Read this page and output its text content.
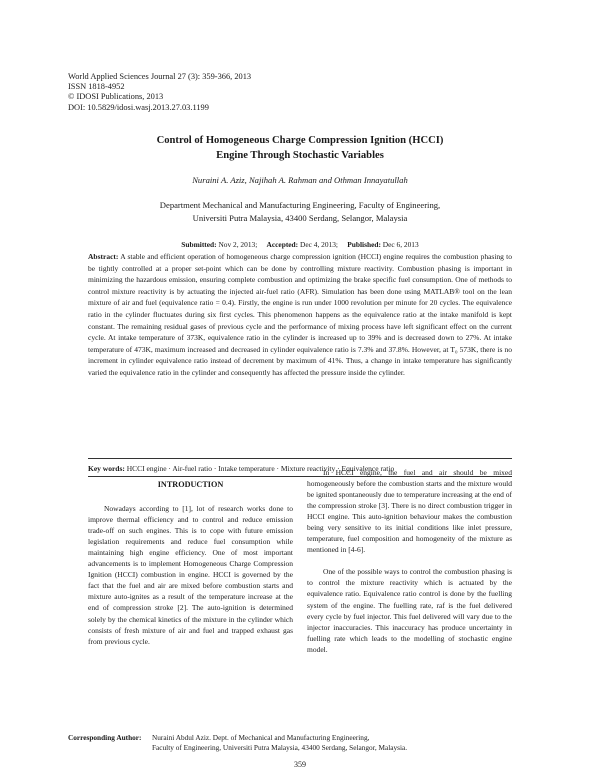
World Applied Sciences Journal 27 (3): 359-366, 2013
ISSN 1818-4952
© IDOSI Publications, 2013
DOI: 10.5829/idosi.wasj.2013.27.03.1199
Control of Homogeneous Charge Compression Ignition (HCCI)
Engine Through Stochastic Variables
Nuraini A. Aziz, Najihah A. Rahman and Othman Innayatullah
Department Mechanical and Manufacturing Engineering, Faculty of Engineering,
Universiti Putra Malaysia, 43400 Serdang, Selangor, Malaysia
Submitted: Nov 2, 2013; Accepted: Dec 4, 2013; Published: Dec 6, 2013

Abstract: A stable and efficient operation of homogeneous charge compression ignition (HCCI) engine requires the combustion phasing to be tightly controlled at a proper set-point which can be done by controlling mixture reactivity. Combustion phasing is important in minimizing the hazardous emission, ensuring complete combustion and optimizing the brake specific fuel consumption. One of methods to control mixture reactivity is by actuating the injected air-fuel ratio (AFR). Simulation has been done using MATLAB® tool on the lean mixture of air and fuel (equivalence ratio = 0.4). Firstly, the engine is run under 1000 revolution per minute for 20 cycles. The equivalence ratio in the cylinder fluctuates during six first cycles. This phenomenon happens as the equivalence ratio at the intake manifold is kept constant. The remaining residual gases of previous cycle and the performance of mixing process have left significant effect on the current cycle. At intake temperature of 373K, equivalence ratio in the cylinder is increased up to 39% and is decreased down to 27%. At intake temperature of 473K, maximum increased and decreased in cylinder equivalence ratio is 7.3% and 37.8%. However, at T₀ 573K, there is no increment in cylinder equivalence ratio instead of decrement by maximum of 41%. Thus, a change in intake temperature has significantly varied the equivalence ratio in the cylinder and consequently has affected the pressure inside the cylinder.

Key words: HCCI engine · Air-fuel ratio · Intake temperature · Mixture reactivity · Equivalence ratio
INTRODUCTION

Nowadays according to [1], lot of research works done to improve thermal efficiency and to control and reduce emission trade-off on such engines. This is to cope with future emission legislation requirements and reduce fuel consumption while maintaining high engine efficiency. One of most important advancements is to implement Homogeneous Charge Compression Ignition (HCCI) combustion in engine. HCCI is governed by the fact that the fuel and air are mixed before combustion starts and mixture auto-ignites as a result of the temperature increase at the end of compression stroke [2]. The auto-ignition is determined solely by the chemical kinetics of the mixture in the cylinder which consists of fresh mixture of air and fuel and trapped exhaust gas from previous cycle.

In HCCI engine, the fuel and air should be mixed homogeneously before the combustion starts and the mixture would be ignited spontaneously due to temperature increasing at the end of the compression stroke [3]. There is no direct combustion trigger in HCCI engine. This auto-ignition behaviour makes the combustion being very sensitive to its initial conditions like inlet pressure, temperature, fuel composition and homogeneity of the mixture as mentioned in [4-6].

One of the possible ways to control the combustion phasing is to control the mixture reactivity which is actuated by the equivalence ratio. Equivalence ratio control is done by the fuelling system of the engine. The fuelling rate, raf is the fuel delivered every cycle by fuel injector. This fuel delivered will vary due to the injector inaccuracies. This inaccuracy has produce uncertainty in fuelling rate which leads to the modelling of stochastic engine model.

Corresponding Author: Nuraini Abdul Aziz. Dept. of Mechanical and Manufacturing Engineering,
Faculty of Engineering, Universiti Putra Malaysia, 43400 Serdang, Selangor, Malaysia.
359
